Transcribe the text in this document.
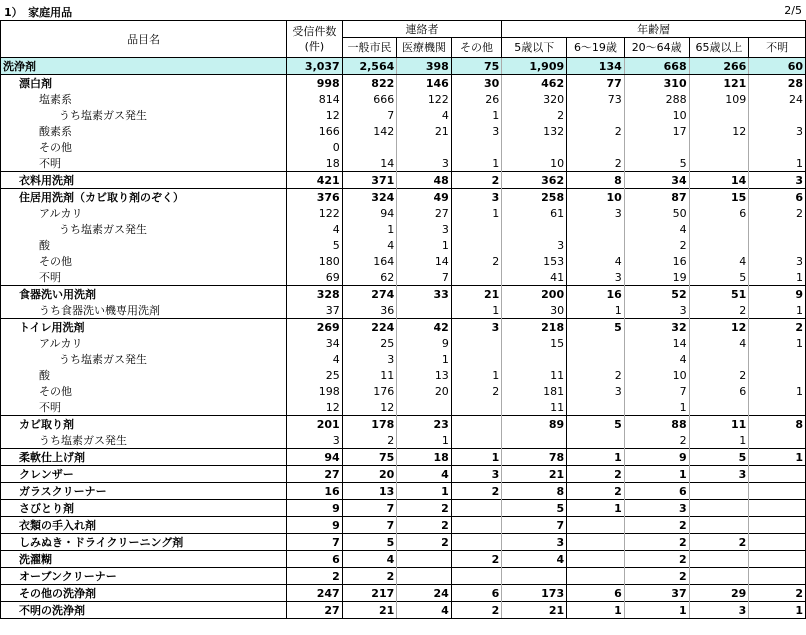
1）　家庭用品	2/5
品目名	受信件数
(件)	連絡者			年齢層				
		一般市民	医療機関	その他	5歳以下	6～19歳	20～64歳	65歳以上	不明
洗浄剤	3,037	2,564	398	75	1,909	134	668	266	60
漂白剤	998	822	146	30	462	77	310	121	28
塩素系	814	666	122	26	320	73	288	109	24
うち塩素ガス発生	12	7	4	1	2		10		
酸素系	166	142	21	3	132	2	17	12	3
その他	0								
不明	18	14	3	1	10	2	5		1
衣料用洗剤	421	371	48	2	362	8	34	14	3
住居用洗剤（カビ取り剤のぞく）	376	324	49	3	258	10	87	15	6
アルカリ	122	94	27	1	61	3	50	6	2
うち塩素ガス発生	4	1	3				4		
酸	5	4	1		3		2		
その他	180	164	14	2	153	4	16	4	3
不明	69	62	7		41	3	19	5	1
食器洗い用洗剤	328	274	33	21	200	16	52	51	9
うち食器洗い機専用洗剤	37	36		1	30	1	3	2	1
トイレ用洗剤	269	224	42	3	218	5	32	12	2
アルカリ	34	25	9		15		14	4	1
うち塩素ガス発生	4	3	1				4		
酸	25	11	13	1	11	2	10	2	
その他	198	176	20	2	181	3	7	6	1
不明	12	12			11		1		
カビ取り剤	201	178	23		89	5	88	11	8
うち塩素ガス発生	3	2	1				2	1	
柔軟仕上げ剤	94	75	18	1	78	1	9	5	1
クレンザー	27	20	4	3	21	2	1	3	
ガラスクリーナー	16	13	1	2	8	2	6		
さびとり剤	9	7	2		5	1	3		
衣類の手入れ剤	9	7	2		7		2		
しみぬき・ドライクリーニング剤	7	5	2		3		2	2	
洗濯糊	6	4		2	4		2		
オーブンクリーナー	2	2					2		
その他の洗浄剤	247	217	24	6	173	6	37	29	2
不明の洗浄剤	27	21	4	2	21	1	1	3	1
